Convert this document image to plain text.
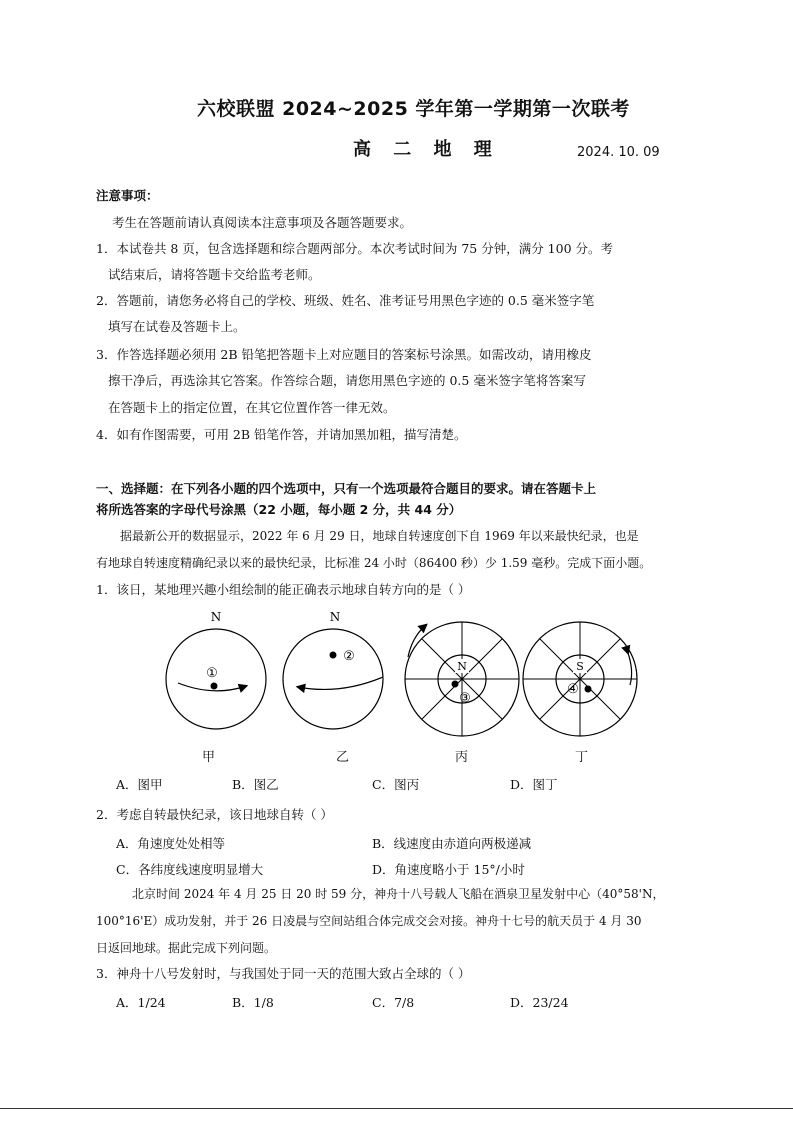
六校联盟 2024~2025 学年第一学期第一次联考
高 二 地 理	2024. 10. 09
注意事项：
考生在答题前请认真阅读本注意事项及各题答题要求。
1．本试卷共 8 页，包含选择题和综合题两部分。本次考试时间为 75 分钟，满分 100 分。考
试结束后，请将答题卡交给监考老师。
2．答题前，请您务必将自己的学校、班级、姓名、准考证号用黑色字迹的 0.5 毫米签字笔
填写在试卷及答题卡上。
3．作答选择题必须用 2B 铅笔把答题卡上对应题目的答案标号涂黑。如需改动，请用橡皮
擦干净后，再选涂其它答案。作答综合题，请您用黑色字迹的 0.5 毫米签字笔将答案写
在答题卡上的指定位置，在其它位置作答一律无效。
4．如有作图需要，可用 2B 铅笔作答，并请加黑加粗，描写清楚。
一、选择题：在下列各小题的四个选项中，只有一个选项最符合题目的要求。请在答题卡上
将所选答案的字母代号涂黑（22 小题，每小题 2 分，共 44 分）
据最新公开的数据显示，2022 年 6 月 29 日，地球自转速度创下自 1969 年以来最快纪录，也是
有地球自转速度精确纪录以来的最快纪录，比标准 24 小时（86400 秒）少 1.59 毫秒。完成下面小题。
1．该日，某地理兴趣小组绘制的能正确表示地球自转方向的是（ ）
N
①
N
②
N
③
S
④
甲	乙	丙	丁
A．图甲	B．图乙	C．图丙	D．图丁
2．考虑自转最快纪录，该日地球自转（ ）
A．角速度处处相等	B．线速度由赤道向两极递减
C．各纬度线速度明显增大	D．角速度略小于 15°/小时
北京时间 2024 年 4 月 25 日 20 时 59 分，神舟十八号载人飞船在酒泉卫星发射中心（40°58'N，
100°16'E）成功发射，并于 26 日凌晨与空间站组合体完成交会对接。神舟十七号的航天员于 4 月 30
日返回地球。据此完成下列问题。
3．神舟十八号发射时，与我国处于同一天的范围大致占全球的（ ）
A．1/24	B．1/8	C．7/8	D．23/24
